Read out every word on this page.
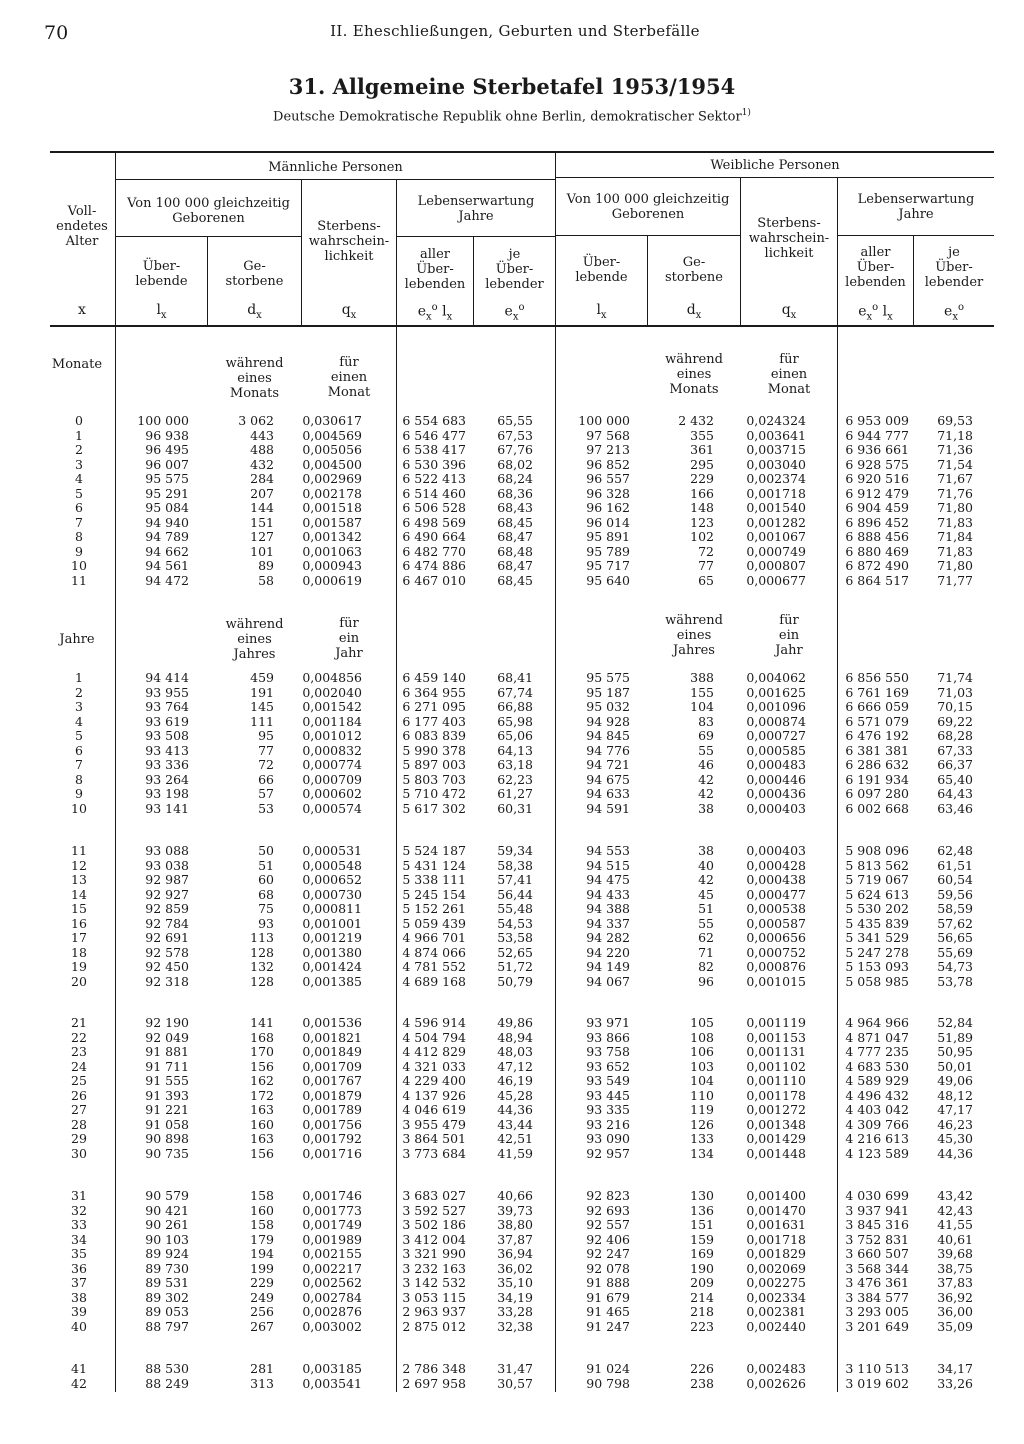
70	II. Eheschließungen, Geburten und Sterbefälle
31. Allgemeine Sterbetafel 1953/1954
Deutsche Demokratische Republik ohne Berlin, demokratischer Sektor$^{1)}$
Voll-
endetes
Alter
Männliche Personen	Weibliche Personen
Von 100 000 gleichzeitig
Geborenen
Sterbens-
wahrschein-
lichkeit
Lebenserwartung
Jahre
Über-
lebende
Ge-
storbene
aller
Über-
lebenden
je
Über-
lebender
Von 100 000 gleichzeitig
Geborenen
Sterbens-
wahrschein-
lichkeit
Lebenserwartung
Jahre
Über-
lebende
Ge-
storbene
aller
Über-
lebenden
je
Über-
lebender
x	$l_x$	$d_x$	$q_x$	$e_x^o$ $l_x$	$e_x^o$	$l_x$	$d_x$	$q_x$	$e_x^o$ $l_x$	$e_x^o$
Monate	während
eines
Monats
für
einen
Monat
während
eines
Monats
für
einen
Monat
Jahre
während
eines
Jahres
für
ein
Jahr
während
eines
Jahres
für
ein
Jahr
0	100 000	3 062 0,030617	6 554 683 65,55	100 000	2 432	0,024324	6 953 009 69,53
1	96 938	443 0,004569	6 546 477 67,53	97 568	355	0,003641	6 944 777 71,18
2	96 495	488 0,005056	6 538 417 67,76	97 213	361	0,003715	6 936 661 71,36
3	96 007	432 0,004500	6 530 396 68,02	96 852	295	0,003040	6 928 575 71,54
4	95 575	284 0,002969	6 522 413 68,24	96 557	229	0,002374	6 920 516 71,67
5	95 291	207 0,002178	6 514 460 68,36	96 328	166	0,001718	6 912 479 71,76
6	95 084	144 0,001518	6 506 528 68,43	96 162	148	0,001540	6 904 459 71,80
7	94 940	151 0,001587	6 498 569 68,45	96 014	123	0,001282	6 896 452 71,83
8	94 789	127 0,001342	6 490 664 68,47	95 891	102	0,001067	6 888 456 71,84
9	94 662	101 0,001063	6 482 770 68,48	95 789	72	0,000749	6 880 469 71,83
10	94 561	89 0,000943	6 474 886 68,47	95 717	77	0,000807	6 872 490 71,80
11	94 472	58 0,000619	6 467 010 68,45	95 640	65	0,000677	6 864 517 71,77
1	94 414	459 0,004856	6 459 140 68,41	95 575	388	0,004062	6 856 550 71,74
2	93 955	191 0,002040	6 364 955 67,74	95 187	155	0,001625	6 761 169 71,03
3	93 764	145 0,001542	6 271 095 66,88	95 032	104	0,001096	6 666 059 70,15
4	93 619	111 0,001184	6 177 403 65,98	94 928	83	0,000874	6 571 079 69,22
5	93 508	95 0,001012	6 083 839 65,06	94 845	69	0,000727	6 476 192 68,28
6	93 413	77 0,000832	5 990 378 64,13	94 776	55	0,000585	6 381 381 67,33
7	93 336	72 0,000774	5 897 003 63,18	94 721	46	0,000483	6 286 632 66,37
8	93 264	66 0,000709	5 803 703 62,23	94 675	42	0,000446	6 191 934 65,40
9	93 198	57 0,000602	5 710 472 61,27	94 633	42	0,000436	6 097 280 64,43
10	93 141	53 0,000574	5 617 302 60,31	94 591	38	0,000403	6 002 668 63,46
11	93 088	50 0,000531	5 524 187 59,34	94 553	38	0,000403	5 908 096 62,48
12	93 038	51 0,000548	5 431 124 58,38	94 515	40	0,000428	5 813 562 61,51
13	92 987	60 0,000652	5 338 111 57,41	94 475	42	0,000438	5 719 067 60,54
14	92 927	68 0,000730	5 245 154 56,44	94 433	45	0,000477	5 624 613 59,56
15	92 859	75 0,000811	5 152 261 55,48	94 388	51	0,000538	5 530 202 58,59
16	92 784	93 0,001001	5 059 439 54,53	94 337	55	0,000587	5 435 839 57,62
17	92 691	113 0,001219	4 966 701 53,58	94 282	62	0,000656	5 341 529 56,65
18	92 578	128 0,001380	4 874 066 52,65	94 220	71	0,000752	5 247 278 55,69
19	92 450	132 0,001424	4 781 552 51,72	94 149	82	0,000876	5 153 093 54,73
20	92 318	128 0,001385	4 689 168 50,79	94 067	96	0,001015	5 058 985 53,78
21	92 190	141 0,001536	4 596 914 49,86	93 971	105	0,001119	4 964 966 52,84
22	92 049	168 0,001821	4 504 794 48,94	93 866	108	0,001153	4 871 047 51,89
23	91 881	170 0,001849	4 412 829 48,03	93 758	106	0,001131	4 777 235 50,95
24	91 711	156 0,001709	4 321 033 47,12	93 652	103	0,001102	4 683 530 50,01
25	91 555	162 0,001767	4 229 400 46,19	93 549	104	0,001110	4 589 929 49,06
26	91 393	172 0,001879	4 137 926 45,28	93 445	110	0,001178	4 496 432 48,12
27	91 221	163 0,001789	4 046 619 44,36	93 335	119	0,001272	4 403 042 47,17
28	91 058	160 0,001756	3 955 479 43,44	93 216	126	0,001348	4 309 766 46,23
29	90 898	163 0,001792	3 864 501 42,51	93 090	133	0,001429	4 216 613 45,30
30	90 735	156 0,001716	3 773 684 41,59	92 957	134	0,001448	4 123 589 44,36
31	90 579	158 0,001746	3 683 027 40,66	92 823	130	0,001400	4 030 699 43,42
32	90 421	160 0,001773	3 592 527 39,73	92 693	136	0,001470	3 937 941 42,43
33	90 261	158 0,001749	3 502 186 38,80	92 557	151	0,001631	3 845 316 41,55
34	90 103	179 0,001989	3 412 004 37,87	92 406	159	0,001718	3 752 831 40,61
35	89 924	194 0,002155	3 321 990 36,94	92 247	169	0,001829	3 660 507 39,68
36	89 730	199 0,002217	3 232 163 36,02	92 078	190	0,002069	3 568 344 38,75
37	89 531	229 0,002562	3 142 532 35,10	91 888	209	0,002275	3 476 361 37,83
38	89 302	249 0,002784	3 053 115 34,19	91 679	214	0,002334	3 384 577 36,92
39	89 053	256 0,002876	2 963 937 33,28	91 465	218	0,002381	3 293 005 36,00
40	88 797	267 0,003002	2 875 012 32,38	91 247	223	0,002440	3 201 649 35,09
41	88 530	281 0,003185	2 786 348 31,47	91 024	226	0,002483	3 110 513 34,17
42	88 249	313 0,003541	2 697 958 30,57	90 798	238	0,002626	3 019 602 33,26
